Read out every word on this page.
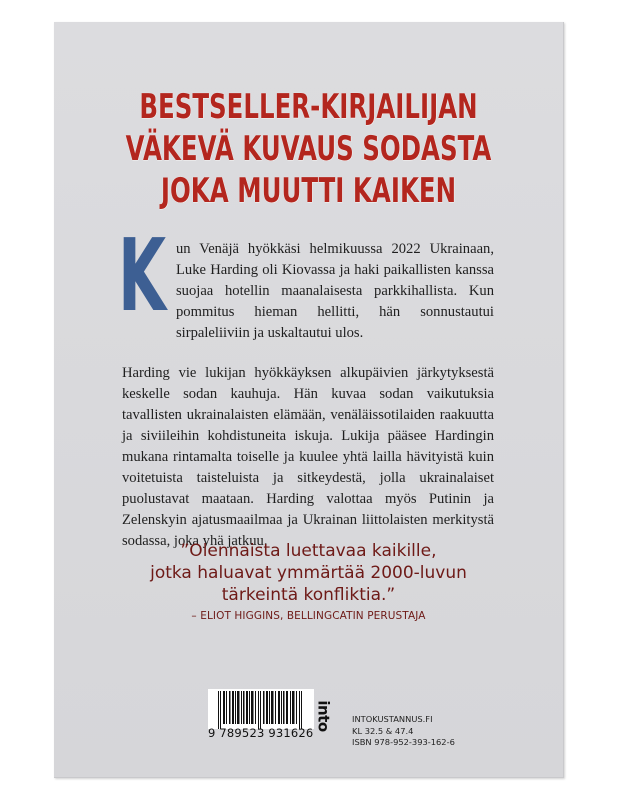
BESTSELLER-KIRJAILIJAN
VÄKEVÄ KUVAUS SODASTA
JOKA MUUTTI KAIKEN
K un Venäjä hyökkäsi helmikuussa 2022 Ukrainaan, Luke Harding oli Kiovassa ja haki paikallisten kanssa suojaa hotellin maanalaisesta parkkihallista. Kun pommitus hieman hellitti, hän sonnustautui sirpaleliiviin ja uskaltautui ulos.
Harding vie lukijan hyökkäyksen alkupäivien järkytyksestä keskelle sodan kauhuja. Hän kuvaa sodan vaikutuksia tavallisten ukrainalaisten elämään, venäläissotilaiden raakuutta ja siviileihin kohdistuneita iskuja. Lukija pääsee Hardingin mukana rintamalta toiselle ja kuulee yhtä lailla hävityistä kuin voitetuista taisteluista ja sitkeydestä, jolla ukrainalaiset puolustavat maataan. Harding valottaa myös Putinin ja Zelenskyin ajatusmaailmaa ja Ukrainan liittolaisten merkitystä sodassa, joka yhä jatkuu.
”Olennaista luettavaa kaikille,
jotka haluavat ymmärtää 2000-luvun
tärkeintä konfliktia.”
– ELIOT HIGGINS, BELLINGCATIN PERUSTAJA
9 789523 931626
into INTOKUSTANNUS.FI
KL 32.5 & 47.4
ISBN 978-952-393-162-6
